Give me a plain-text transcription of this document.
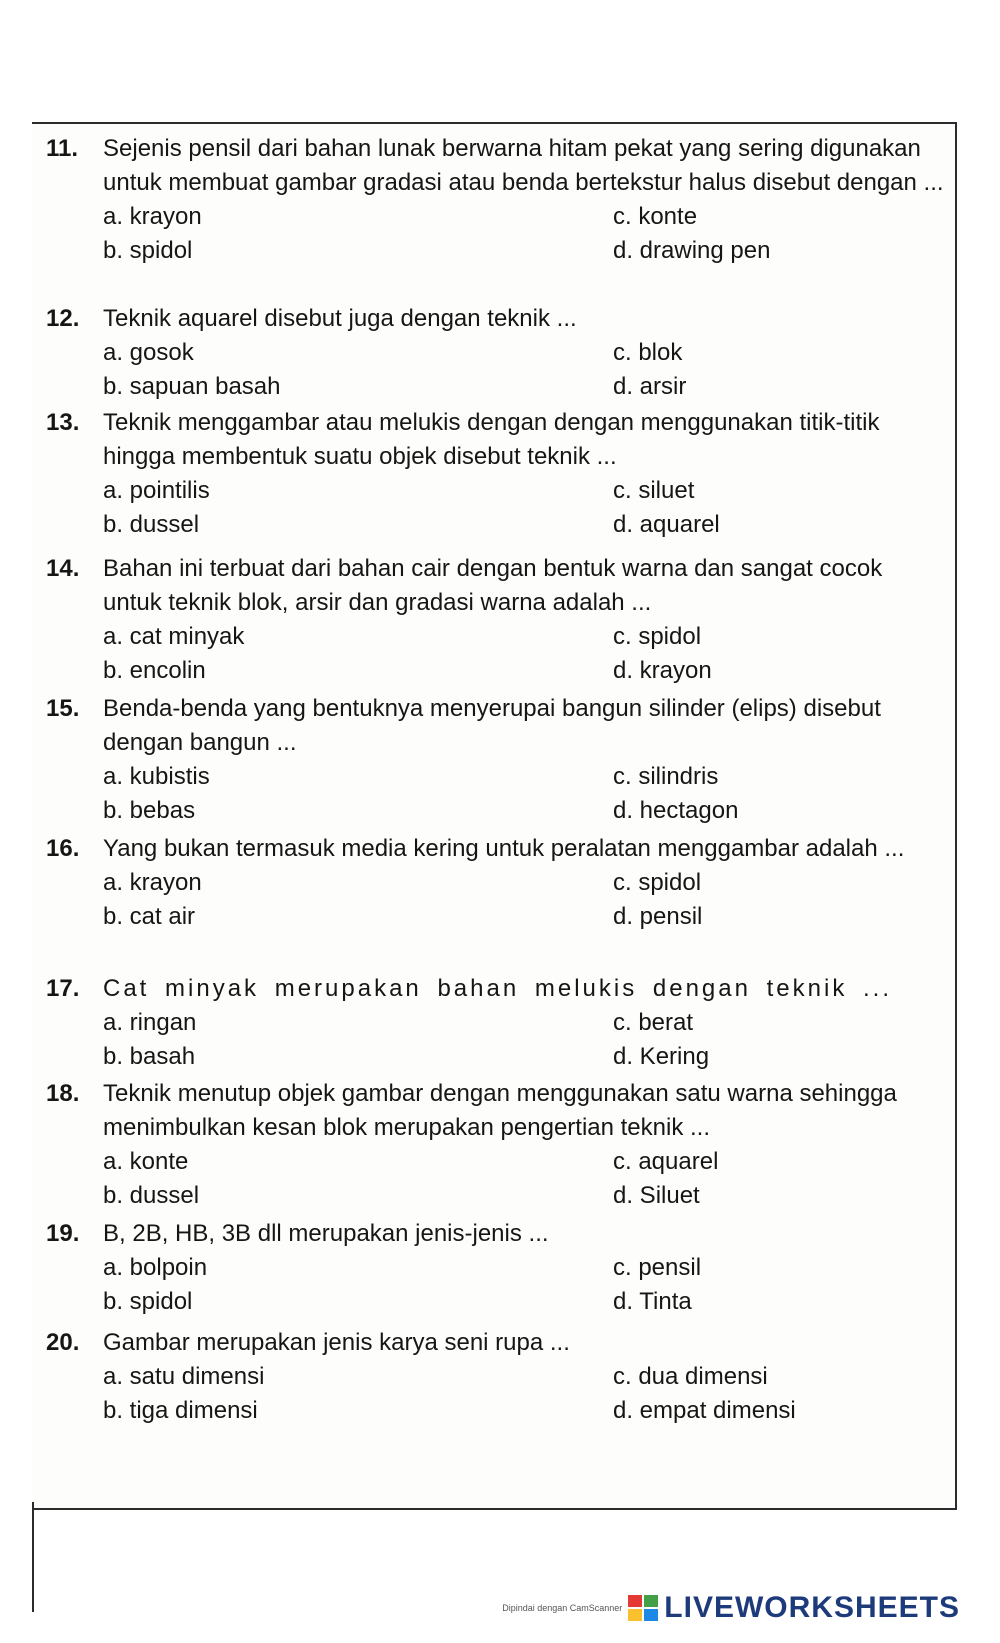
11. Sejenis pensil dari bahan lunak berwarna hitam pekat yang sering digunakan untuk membuat gambar gradasi atau benda bertekstur halus disebut dengan ...
a. krayon
b. spidol
c. konte
d. drawing pen
12. Teknik aquarel disebut juga dengan teknik ...
a. gosok
b. sapuan basah
c. blok
d. arsir
13. Teknik menggambar atau melukis dengan dengan menggunakan titik-titik hingga membentuk suatu objek disebut teknik ...
a. pointilis
b. dussel
c. siluet
d. aquarel
14. Bahan ini terbuat dari bahan cair dengan bentuk warna dan sangat cocok untuk teknik blok, arsir dan gradasi warna adalah ...
a. cat minyak
b. encolin
c. spidol
d. krayon
15. Benda-benda yang bentuknya menyerupai bangun silinder (elips) disebut dengan bangun ...
a. kubistis
b. bebas
c. silindris
d. hectagon
16. Yang bukan termasuk media kering untuk peralatan menggambar adalah ...
a. krayon
b. cat air
c. spidol
d. pensil
17. Cat minyak merupakan bahan melukis dengan teknik ...
a. ringan
b. basah
c. berat
d. Kering
18. Teknik menutup objek gambar dengan menggunakan satu warna sehingga menimbulkan kesan blok merupakan pengertian teknik ...
a. konte
b. dussel
c. aquarel
d. Siluet
19. B, 2B, HB, 3B dll merupakan jenis-jenis ...
a. bolpoin
b. spidol
c. pensil
d. Tinta
20. Gambar merupakan jenis karya seni rupa ...
a. satu dimensi
b. tiga dimensi
c. dua dimensi
d. empat dimensi
Dipindai dengan CamScanner LIVEWORKSHEETS
